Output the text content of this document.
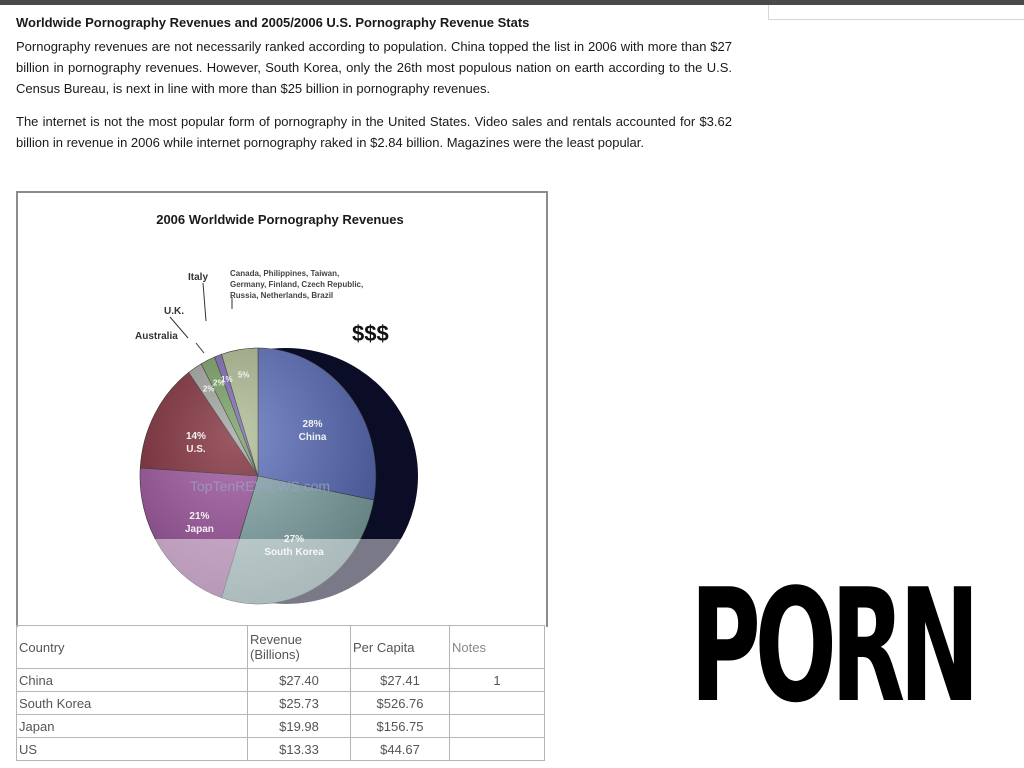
Worldwide Pornography Revenues and 2005/2006 U.S. Pornography Revenue Stats

Pornography revenues are not necessarily ranked according to population. China topped the list in 2006 with more than $27 billion in pornography revenues. However, South Korea, only the 26th most populous nation on earth according to the U.S. Census Bureau, is next in line with more than $25 billion in pornography revenues.

The internet is not the most popular form of pornography in the United States. Video sales and rentals accounted for $3.62 billion in revenue in 2006 while internet pornography raked in $2.84 billion. Magazines were the least popular.

2006 Worldwide Pornography Revenues
28% China
27% South Korea
21% Japan
14% U.S.
2%
2%
1%
5%
Italy
U.K.
Australia
Canada, Philippines, Taiwan,
Germany, Finland, Czech Republic,
Russia, Netherlands, Brazil
$$$
TopTenREVIEWS.com
Country	Revenue
(Billions)	Per Capita	Notes
China	$27.40	$27.41	1
South Korea	$25.73	$526.76	
Japan	$19.98	$156.75	
US	$13.33	$44.67	
PORN
